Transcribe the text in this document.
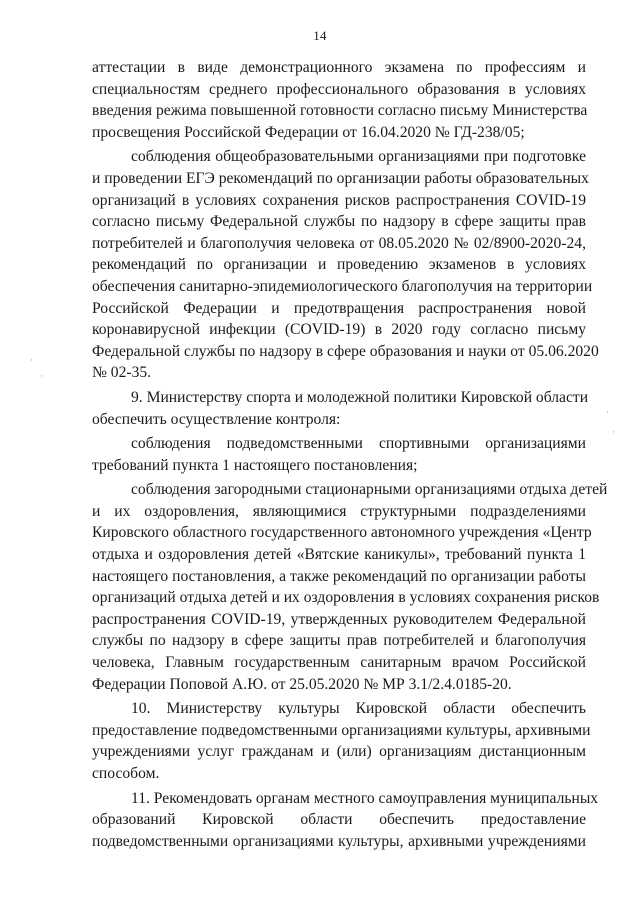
14
аттестации в виде демонстрационного экзамена по профессиям и
специальностям среднего профессионального образования в условиях
введения режима повышенной готовности согласно письму Министерства
просвещения Российской Федерации от 16.04.2020 № ГД-238/05;
соблюдения общеобразовательными организациями при подготовке
и проведении ЕГЭ рекомендаций по организации работы образовательных
организаций в условиях сохранения рисков распространения COVID-19
согласно письму Федеральной службы по надзору в сфере защиты прав
потребителей и благополучия человека от 08.05.2020 № 02/8900-2020-24,
рекомендаций по организации и проведению экзаменов в условиях
обеспечения санитарно-эпидемиологического благополучия на территории
Российской Федерации и предотвращения распространения новой
коронавирусной инфекции (COVID-19) в 2020 году согласно письму
Федеральной службы по надзору в сфере образования и науки от 05.06.2020
№ 02-35.
9. Министерству спорта и молодежной политики Кировской области
обеспечить осуществление контроля:
соблюдения подведомственными спортивными организациями
требований пункта 1 настоящего постановления;
соблюдения загородными стационарными организациями отдыха детей
и их оздоровления, являющимися структурными подразделениями
Кировского областного государственного автономного учреждения «Центр
отдыха и оздоровления детей «Вятские каникулы», требований пункта 1
настоящего постановления, а также рекомендаций по организации работы
организаций отдыха детей и их оздоровления в условиях сохранения рисков
распространения COVID-19, утвержденных руководителем Федеральной
службы по надзору в сфере защиты прав потребителей и благополучия
человека, Главным государственным санитарным врачом Российской
Федерации Поповой А.Ю. от 25.05.2020 № МР 3.1/2.4.0185-20.
10. Министерству культуры Кировской области обеспечить
предоставление подведомственными организациями культуры, архивными
учреждениями услуг гражданам и (или) организациям дистанционным
способом.
11. Рекомендовать органам местного самоуправления муниципальных
образований Кировской области обеспечить предоставление
подведомственными организациями культуры, архивными учреждениями
·
·
·
·
